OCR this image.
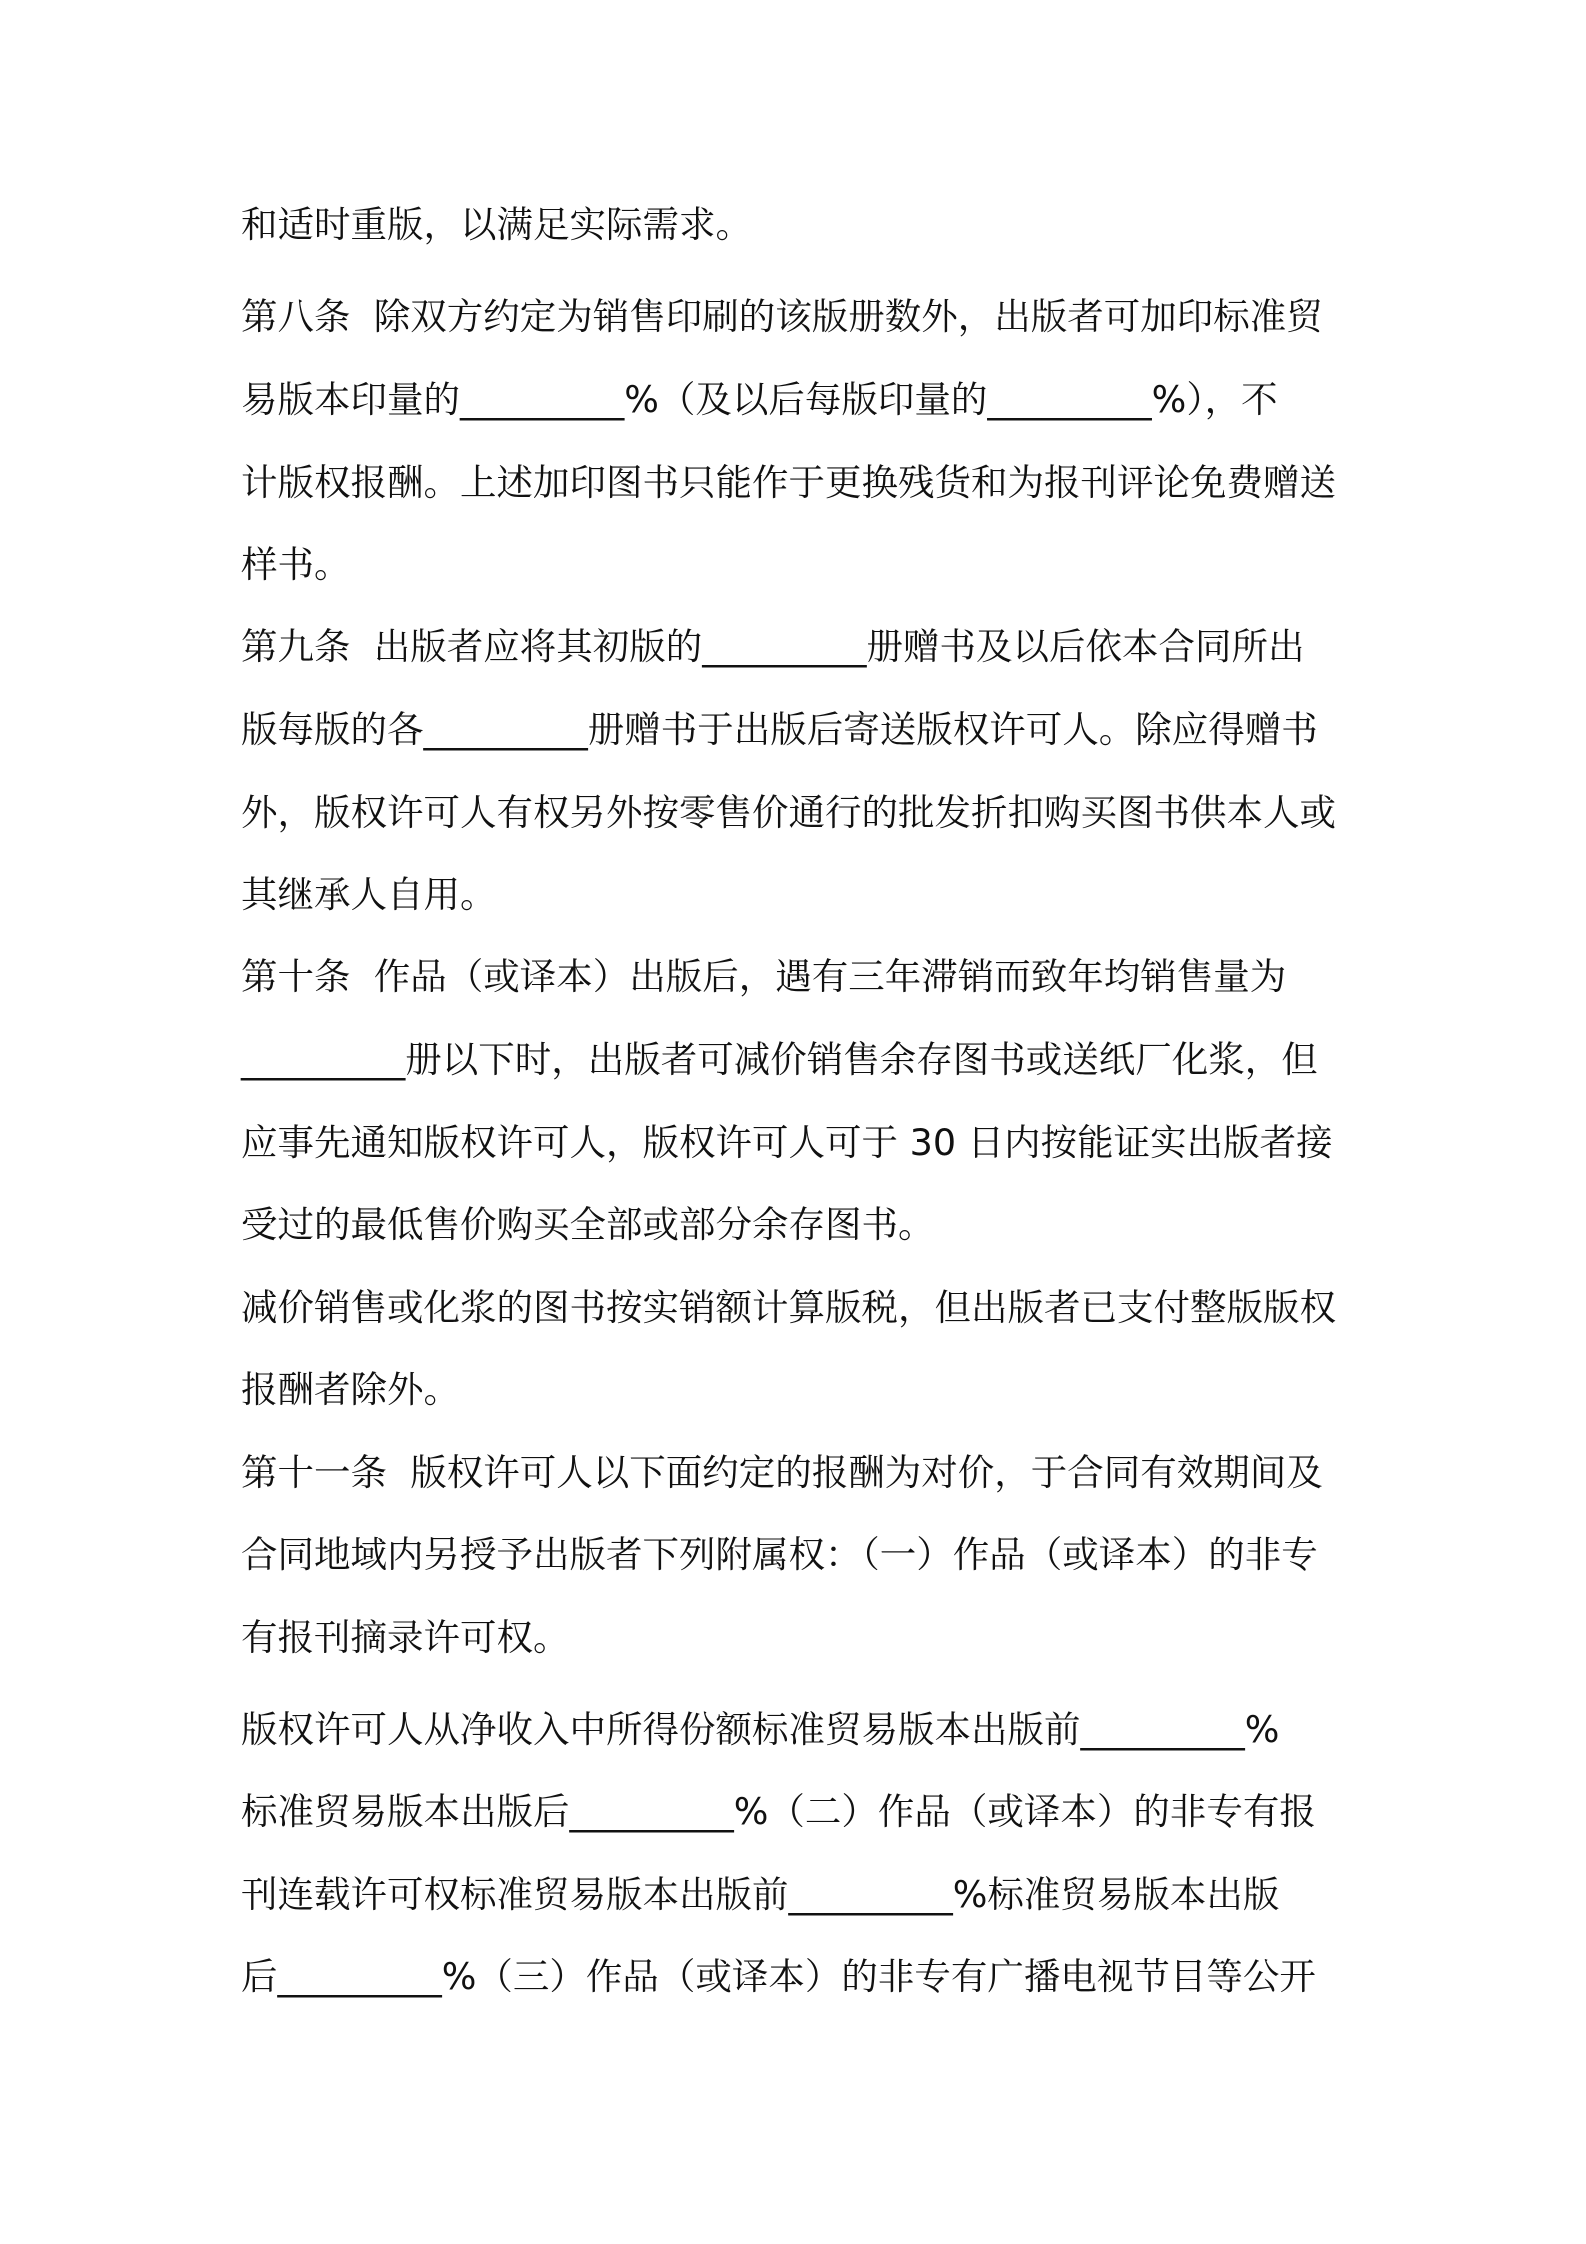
和适时重版，以满足实际需求。

第八条  除双方约定为销售印刷的该版册数外，出版者可加印标准贸

易版本印量的_________%（及以后每版印量的_________%），不

计版权报酬。上述加印图书只能作于更换残货和为报刊评论免费赠送

样书。

第九条  出版者应将其初版的_________册赠书及以后依本合同所出

版每版的各_________册赠书于出版后寄送版权许可人。除应得赠书

外，版权许可人有权另外按零售价通行的批发折扣购买图书供本人或

其继承人自用。

第十条  作品（或译本）出版后，遇有三年滞销而致年均销售量为

_________册以下时，出版者可减价销售余存图书或送纸厂化浆，但

应事先通知版权许可人，版权许可人可于 30 日内按能证实出版者接

受过的最低售价购买全部或部分余存图书。

减价销售或化浆的图书按实销额计算版税，但出版者已支付整版版权

报酬者除外。

第十一条  版权许可人以下面约定的报酬为对价，于合同有效期间及

合同地域内另授予出版者下列附属权：（一）作品（或译本）的非专

有报刊摘录许可权。

版权许可人从净收入中所得份额标准贸易版本出版前_________%

标准贸易版本出版后_________%（二）作品（或译本）的非专有报

刊连载许可权标准贸易版本出版前_________%标准贸易版本出版

后_________%（三）作品（或译本）的非专有广播电视节目等公开
